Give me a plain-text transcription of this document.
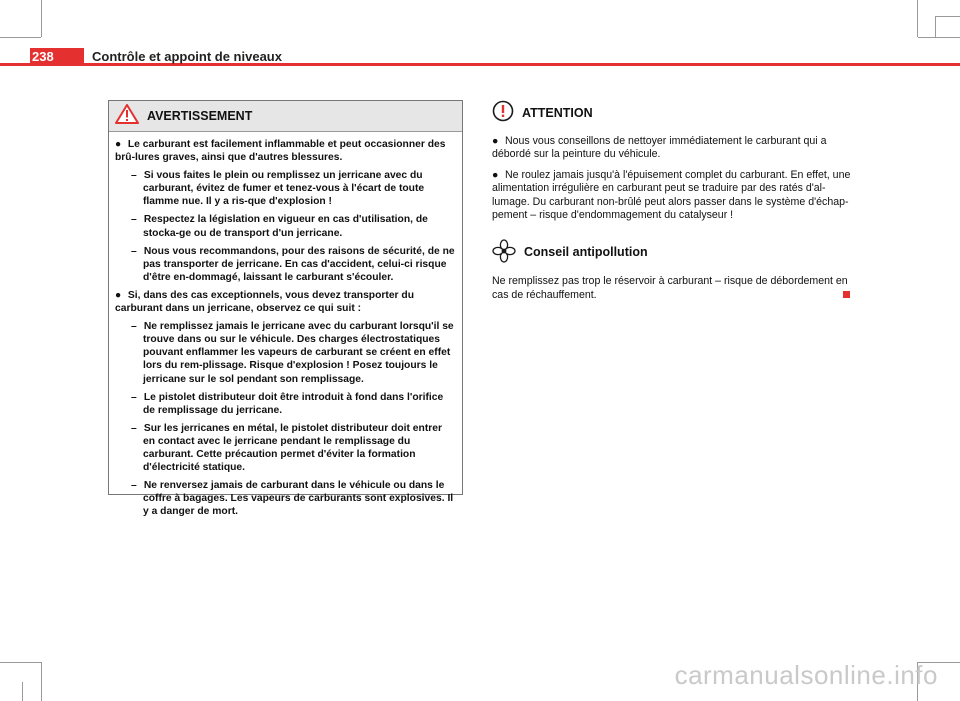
238	Contrôle et appoint de niveaux
AVERTISSEMENT

● Le carburant est facilement inflammable et peut occasionner des brû-lures graves, ainsi que d'autres blessures.

– Si vous faites le plein ou remplissez un jerricane avec du carburant, évitez de fumer et tenez-vous à l'écart de toute flamme nue. Il y a ris-que d'explosion !

– Respectez la législation en vigueur en cas d'utilisation, de stocka-ge ou de transport d'un jerricane.

– Nous vous recommandons, pour des raisons de sécurité, de ne pas transporter de jerricane. En cas d'accident, celui-ci risque d'être en-dommagé, laissant le carburant s'écouler.

● Si, dans des cas exceptionnels, vous devez transporter du carburant dans un jerricane, observez ce qui suit :

– Ne remplissez jamais le jerricane avec du carburant lorsqu'il se trouve dans ou sur le véhicule. Des charges électrostatiques pouvant enflammer les vapeurs de carburant se créent en effet lors du rem-plissage. Risque d'explosion ! Posez toujours le jerricane sur le sol pendant son remplissage.

– Le pistolet distributeur doit être introduit à fond dans l'orifice de remplissage du jerricane.

– Sur les jerricanes en métal, le pistolet distributeur doit entrer en contact avec le jerricane pendant le remplissage du carburant. Cette précaution permet d'éviter la formation d'électricité statique.

– Ne renversez jamais de carburant dans le véhicule ou dans le coffre à bagages. Les vapeurs de carburants sont explosives. Il y a danger de mort.

ATTENTION

● Nous vous conseillons de nettoyer immédiatement le carburant qui a débordé sur la peinture du véhicule.

● Ne roulez jamais jusqu'à l'épuisement complet du carburant. En effet, une alimentation irrégulière en carburant peut se traduire par des ratés d'al-lumage. Du carburant non-brûlé peut alors passer dans le système d'échap-pement – risque d'endommagement du catalyseur !

Conseil antipollution

Ne remplissez pas trop le réservoir à carburant – risque de débordement en cas de réchauffement.

carmanualsonline.info
